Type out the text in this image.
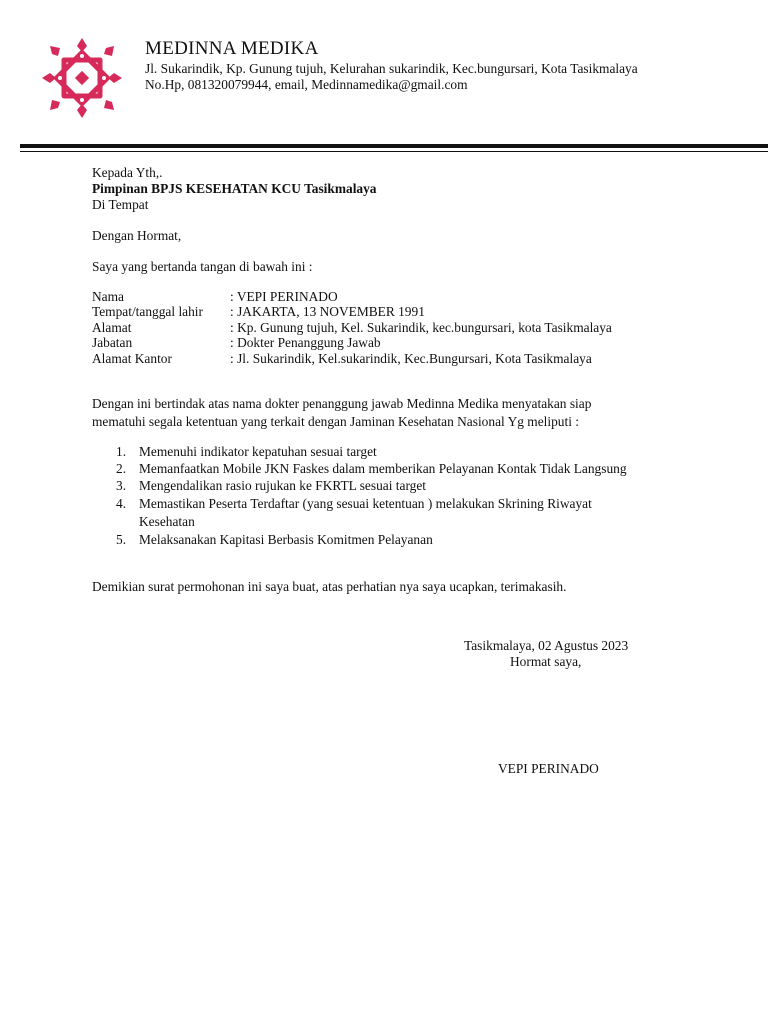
MEDINNA MEDIKA
Jl. Sukarindik, Kp. Gunung tujuh, Kelurahan sukarindik, Kec.bungursari, Kota Tasikmalaya
No.Hp, 081320079944, email, Medinnamedika@gmail.com
Kepada Yth,.
Pimpinan BPJS KESEHATAN KCU Tasikmalaya
Di Tempat
Dengan Hormat,
Saya yang bertanda tangan di bawah ini :
Nama	: VEPI PERINADO
Tempat/tanggal lahir : JAKARTA, 13 NOVEMBER 1991
Alamat	: Kp. Gunung tujuh, Kel. Sukarindik, kec.bungursari, kota Tasikmalaya
Jabatan	: Dokter Penanggung Jawab
Alamat Kantor	: Jl. Sukarindik, Kel.sukarindik, Kec.Bungursari, Kota Tasikmalaya
Dengan ini bertindak atas nama dokter penanggung jawab Medinna Medika menyatakan siap
mematuhi segala ketentuan yang terkait dengan Jaminan Kesehatan Nasional Yg meliputi :
1. Memenuhi indikator kepatuhan sesuai target
2. Memanfaatkan Mobile JKN Faskes dalam memberikan Pelayanan Kontak Tidak Langsung
3. Mengendalikan rasio rujukan ke FKRTL sesuai target
4. Memastikan Peserta Terdaftar (yang sesuai ketentuan ) melakukan Skrining Riwayat
Kesehatan
5. Melaksanakan Kapitasi Berbasis Komitmen Pelayanan
Demikian surat permohonan ini saya buat, atas perhatian nya saya ucapkan, terimakasih.
Tasikmalaya, 02 Agustus 2023
Hormat saya,
VEPI PERINADO
